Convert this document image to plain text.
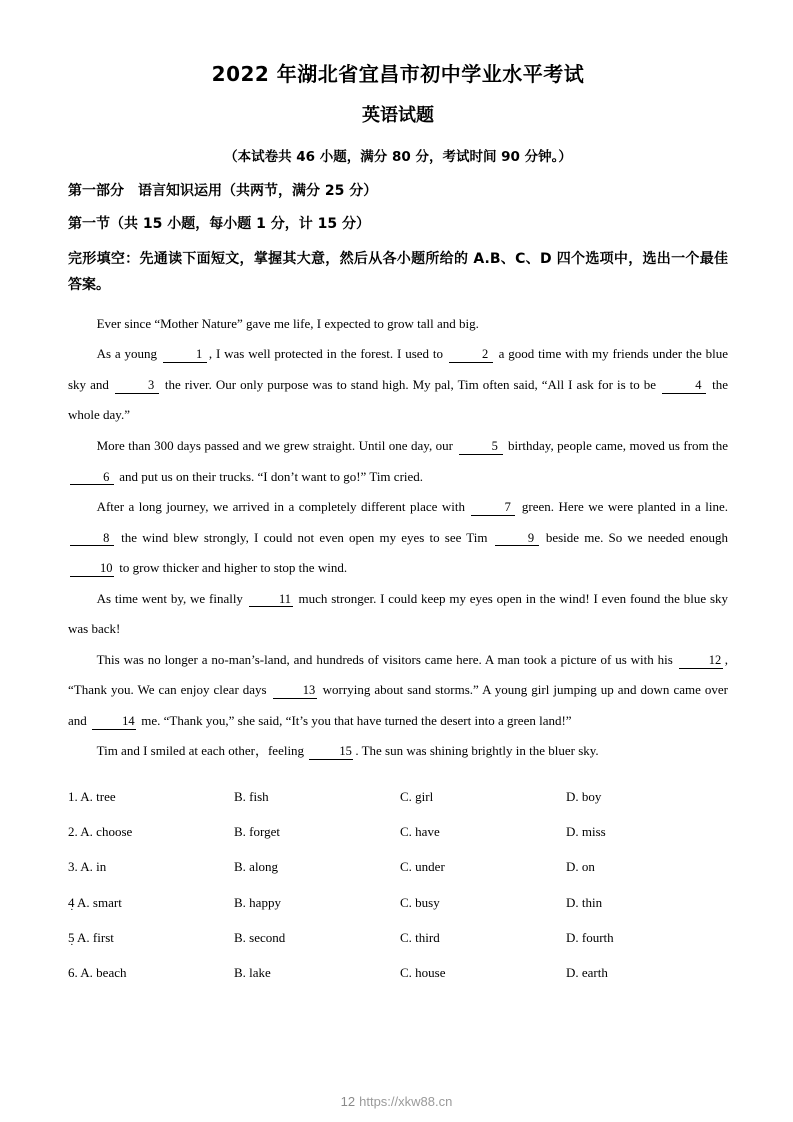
2022 年湖北省宜昌市初中学业水平考试
英语试题
（本试卷共 46 小题，满分 80 分，考试时间 90 分钟。）
第一部分　语言知识运用（共两节，满分 25 分）
第一节（共 15 小题，每小题 1 分，计 15 分）
完形填空：先通读下面短文，掌握其大意，然后从各小题所给的 A.B、C、D 四个选项中，选出一个最佳答案。

Ever since “Mother Nature” gave me life, I expected to grow tall and big.

As a young	1 , I was well protected in the forest. I used to	2 a good time with my friends under the blue sky and	3 the river. Our only purpose was to stand high. My pal, Tim often said, “All I ask for is to be	4 the whole day.”

More than 300 days passed and we grew straight. Until one day, our	5 birthday, people came, moved us from the 6 and put us on their trucks. “I don’t want to go!” Tim cried.

After a long journey, we arrived in a completely different place with	7 green. Here we were planted in a line. 8 the wind blew strongly, I could not even open my eyes to see Tim	9 beside me. So we needed enough 10 to grow thicker and higher to stop the wind.

As time went by, we finally	11 much stronger. I could keep my eyes open in the wind! I even found the blue sky was back!

This was no longer a no-man’s-land, and hundreds of visitors came here. A man took a picture of us with his	12 , “Thank you. We can enjoy clear days	13 worrying about sand storms.” A young girl jumping up and down came over and	14 me. “Thank you,” she said, “It’s you that have turned the desert into a green land!”

Tim and I smiled at each other，feeling	15 . The sun was shining brightly in the bluer sky.

1. A. tree	B. fish	C. girl	D. boy
2. A. choose	B. forget	C. have	D. miss
3. A. in	B. along	C. under	D. on
4 A. smart ·	B. happy	C. busy	D. thin
5 A. first ·	B. second	C. third	D. fourth
6. A. beach	B. lake	C. house	D. earth
12 https://xkw88.cn
